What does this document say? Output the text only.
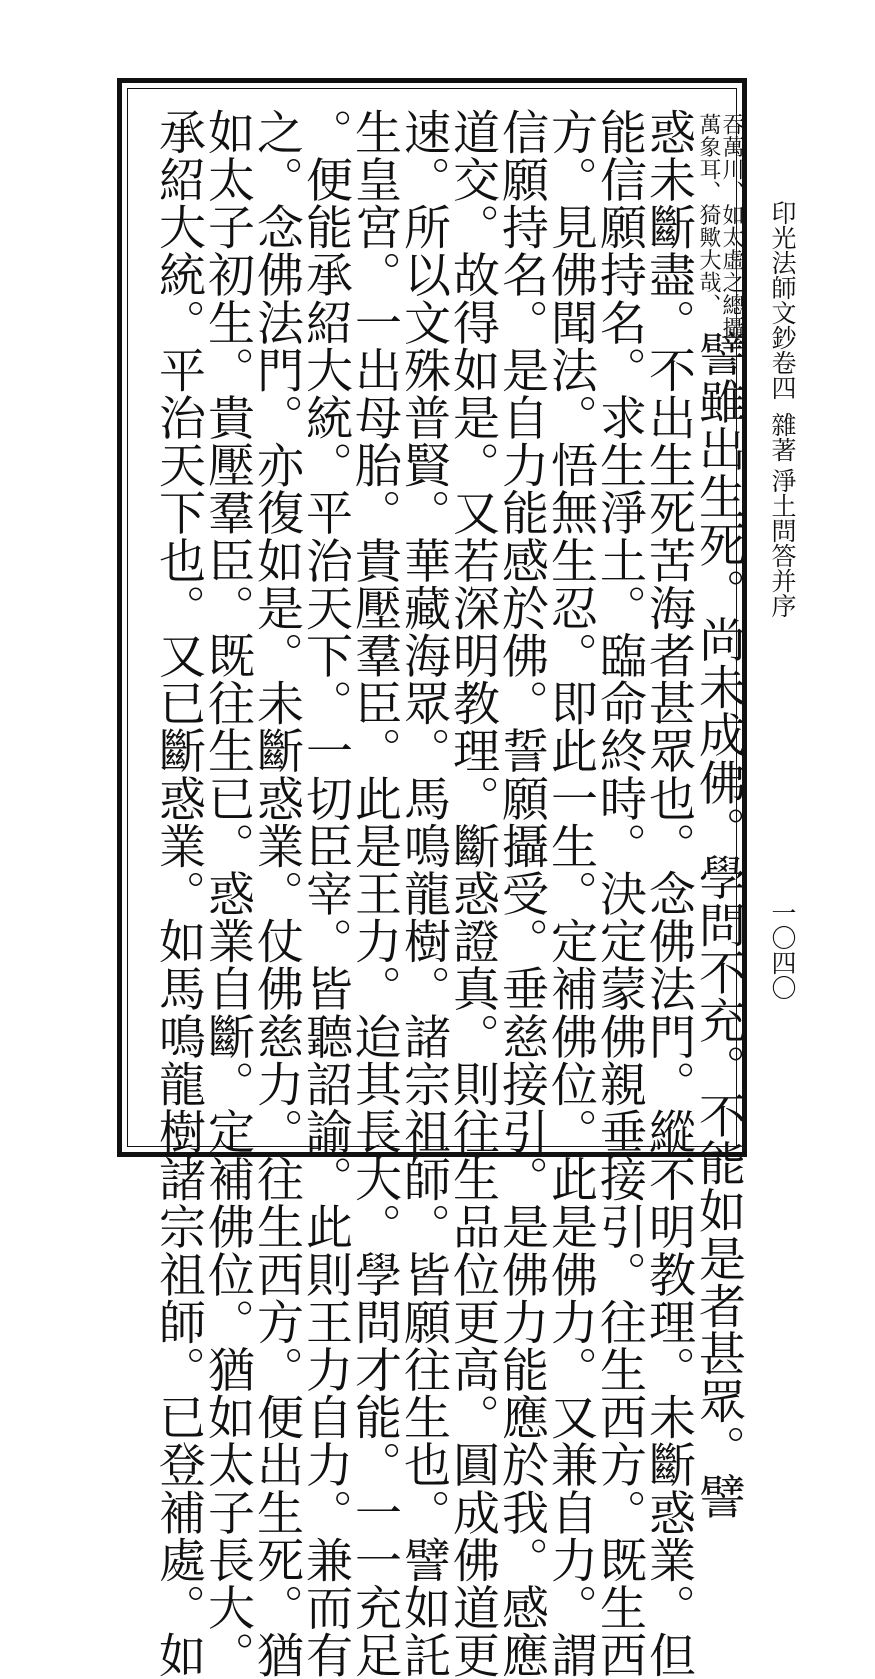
印光法師文鈔卷四
雜著
淨土問答并序
一〇四〇
吞萬川、如太虛之總攝
萬象耳、猗歟大哉、
譬雖出生死。尚未成佛。學問不充。不能如是者甚眾。譬
惑未斷盡。不出生死苦海者甚眾也。念佛法門。縱不明教理。未斷惑業。但
能信願持名。求生淨土。臨命終時。決定蒙佛親垂接引。往生西方。既生西
方。見佛聞法。悟無生忍。即此一生。定補佛位。此是佛力。又兼自力。謂
信願持名。是自力能感於佛。誓願攝受。垂慈接引。是佛力能應於我。感應
道交。故得如是。又若深明教理。斷惑證真。則往生品位更高。圓成佛道更
速。所以文殊普賢。華藏海眾。馬鳴龍樹。諸宗祖師。皆願往生也。譬如託
生皇宮。一出母胎。貴壓羣臣。此是王力。迨其長大。學問才能。一一充足
。便能承紹大統。平治天下。一切臣宰。皆聽詔諭。此則王力自力。兼而有
之。念佛法門。亦復如是。未斷惑業。仗佛慈力。往生西方。便出生死。猶
如太子初生。貴壓羣臣。既往生已。惑業自斷。定補佛位。猶如太子長大。
承紹大統。平治天下也。又已斷惑業。如馬鳴龍樹諸宗祖師。已登補處。如
